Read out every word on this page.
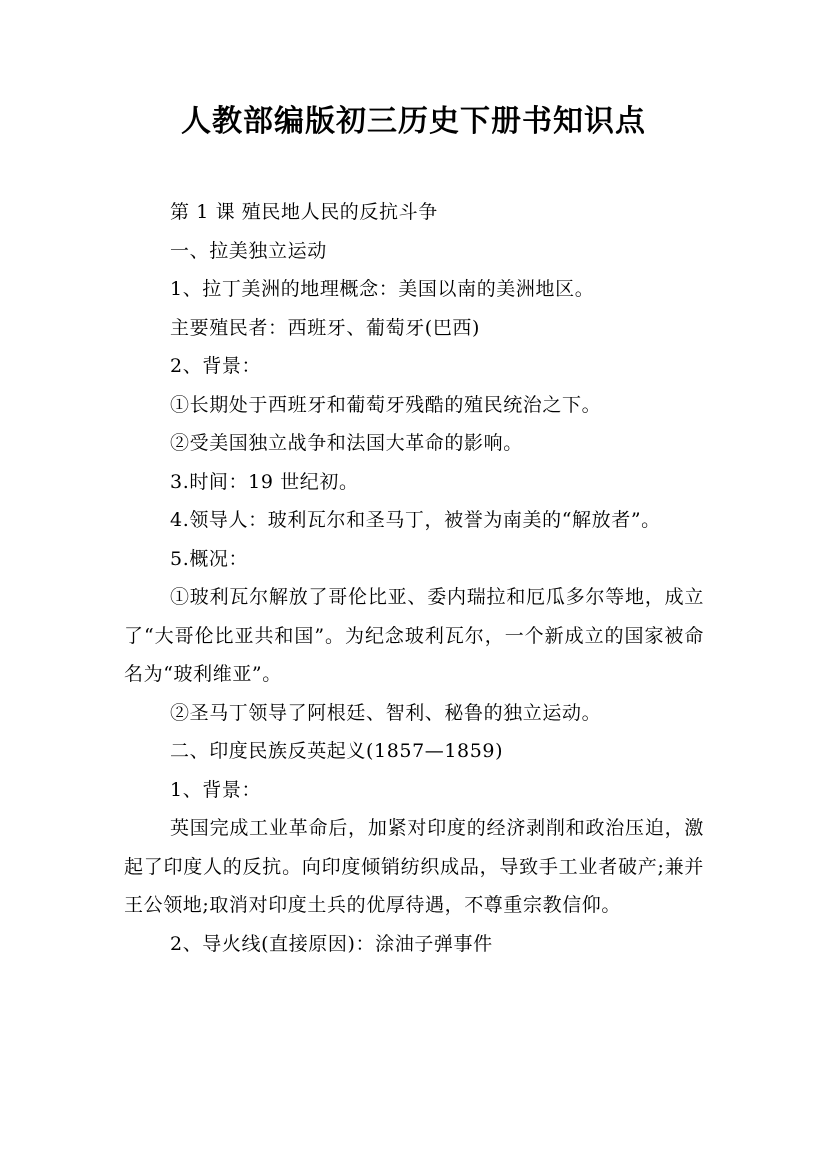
人教部编版初三历史下册书知识点

第 1 课 殖民地人民的反抗斗争

一、拉美独立运动

1、拉丁美洲的地理概念：美国以南的美洲地区。

主要殖民者：西班牙、葡萄牙(巴西)

2、背景：

①长期处于西班牙和葡萄牙残酷的殖民统治之下。

②受美国独立战争和法国大革命的影响。

3.时间：19 世纪初。

4.领导人：玻利瓦尔和圣马丁，被誉为南美的“解放者”。

5.概况：

①玻利瓦尔解放了哥伦比亚、委内瑞拉和厄瓜多尔等地，成立了“大哥伦比亚共和国”。为纪念玻利瓦尔，一个新成立的国家被命名为“玻利维亚”。

②圣马丁领导了阿根廷、智利、秘鲁的独立运动。

二、印度民族反英起义(1857—1859)

1、背景：

英国完成工业革命后，加紧对印度的经济剥削和政治压迫，激起了印度人的反抗。向印度倾销纺织成品，导致手工业者破产;兼并王公领地;取消对印度土兵的优厚待遇，不尊重宗教信仰。

2、导火线(直接原因)：涂油子弹事件
